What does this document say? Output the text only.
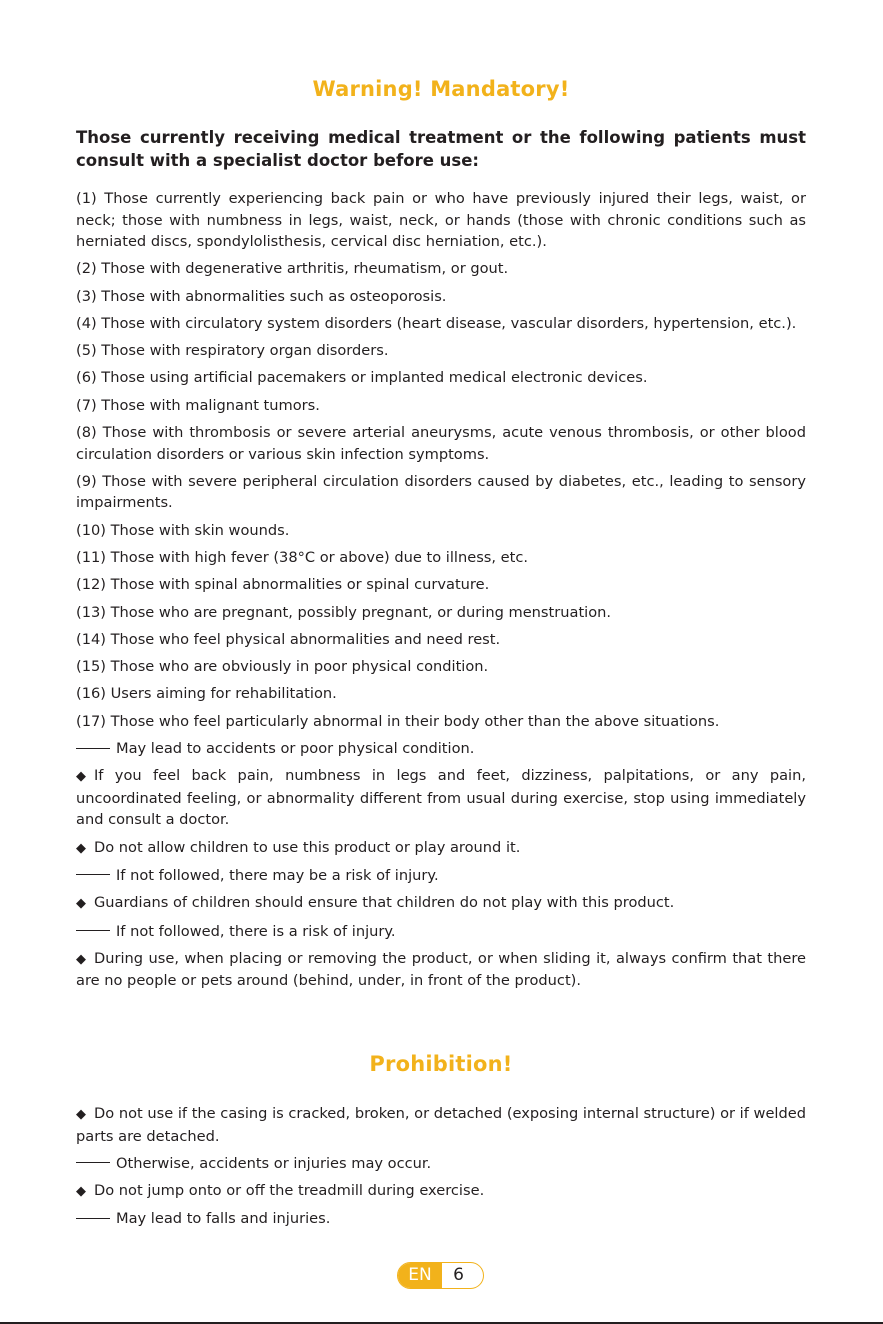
Warning! Mandatory!
Those currently receiving medical treatment or the following patients must consult with a specialist doctor before use:
(1) Those currently experiencing back pain or who have previously injured their legs, waist, or neck; those with numbness in legs, waist, neck, or hands (those with chronic conditions such as herniated discs, spondylolisthesis, cervical disc herniation, etc.).
(2) Those with degenerative arthritis, rheumatism, or gout.
(3) Those with abnormalities such as osteoporosis.
(4) Those with circulatory system disorders (heart disease, vascular disorders, hypertension, etc.).
(5) Those with respiratory organ disorders.
(6) Those using artificial pacemakers or implanted medical electronic devices.
(7) Those with malignant tumors.
(8) Those with thrombosis or severe arterial aneurysms, acute venous thrombosis, or other blood circulation disorders or various skin infection symptoms.
(9) Those with severe peripheral circulation disorders caused by diabetes, etc., leading to sensory impairments.
(10) Those with skin wounds.
(11) Those with high fever (38°C or above) due to illness, etc.
(12) Those with spinal abnormalities or spinal curvature.
(13) Those who are pregnant, possibly pregnant, or during menstruation.
(14) Those who feel physical abnormalities and need rest.
(15) Those who are obviously in poor physical condition.
(16) Users aiming for rehabilitation.
(17) Those who feel particularly abnormal in their body other than the above situations.
May lead to accidents or poor physical condition.
◆ If you feel back pain, numbness in legs and feet, dizziness, palpitations, or any pain, uncoordinated feeling, or abnormality different from usual during exercise, stop using immediately and consult a doctor.
◆ Do not allow children to use this product or play around it.
If not followed, there may be a risk of injury.
◆ Guardians of children should ensure that children do not play with this product.
If not followed, there is a risk of injury.
◆ During use, when placing or removing the product, or when sliding it, always confirm that there are no people or pets around (behind, under, in front of the product).
Prohibition!
◆ Do not use if the casing is cracked, broken, or detached (exposing internal structure) or if welded parts are detached.
Otherwise, accidents or injuries may occur.
◆ Do not jump onto or off the treadmill during exercise.
May lead to falls and injuries.
EN	6
